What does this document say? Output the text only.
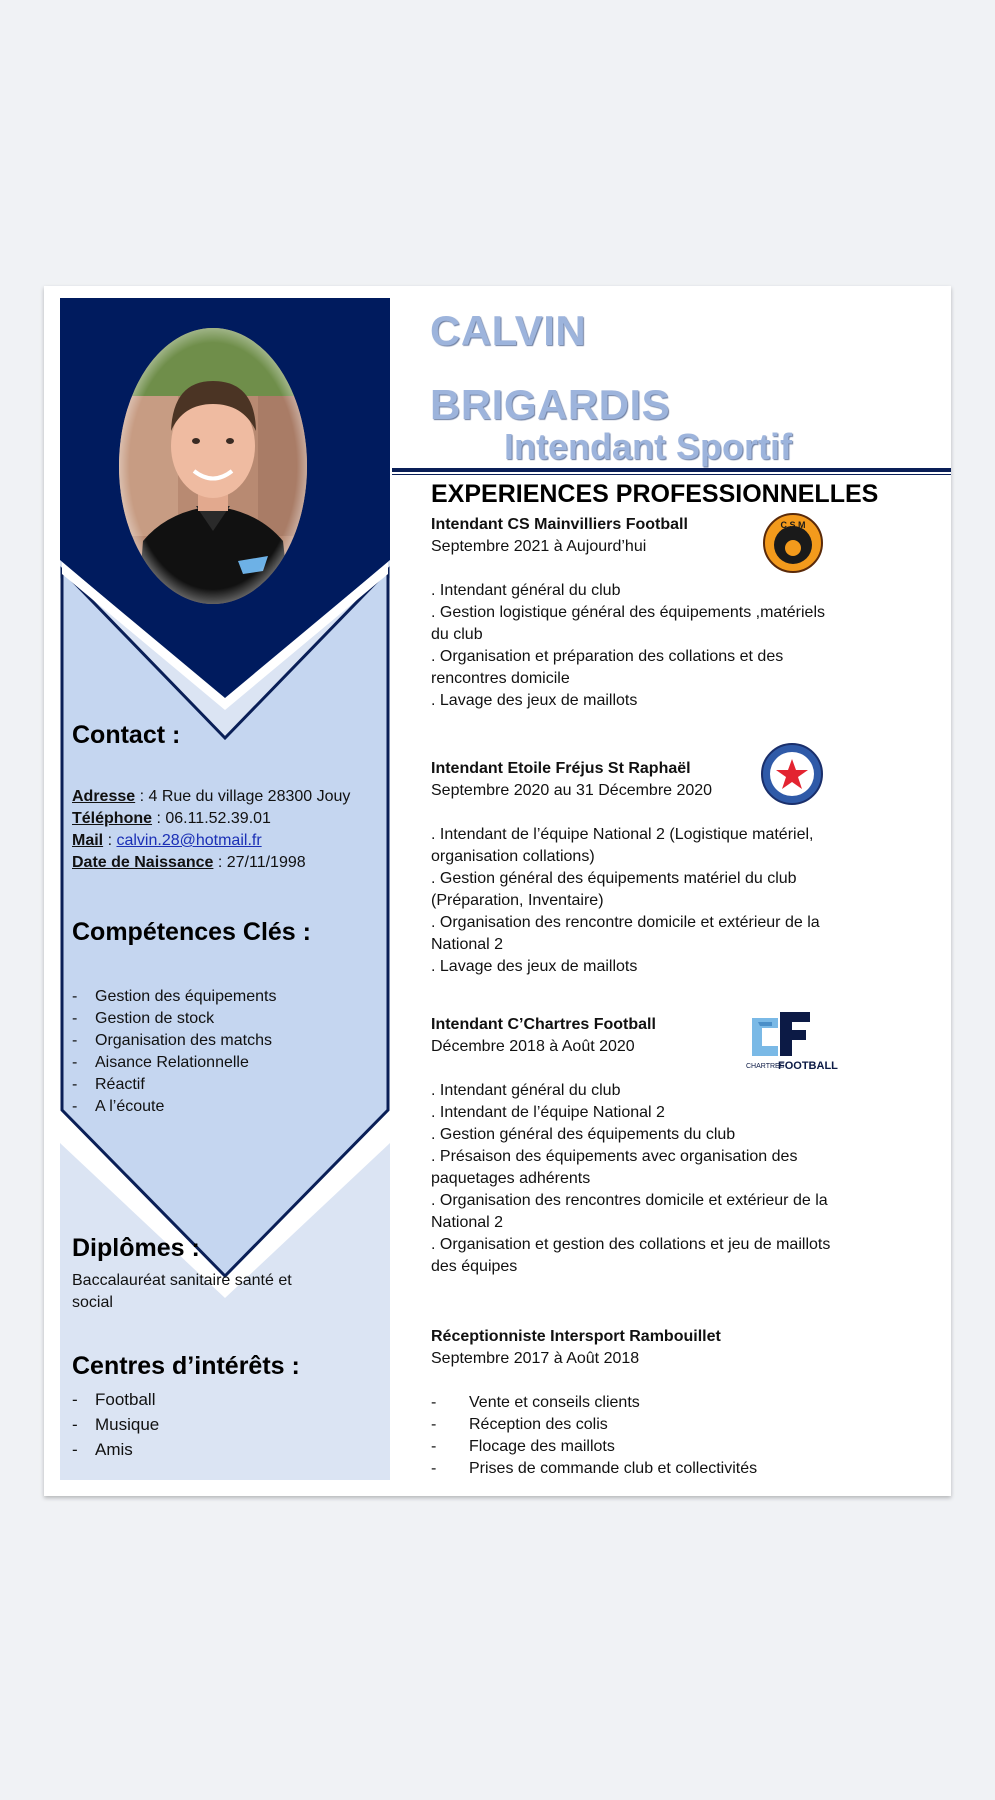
Contact :
Adresse : 4 Rue du village 28300 Jouy
Téléphone : 06.11.52.39.01
Mail : calvin.28@hotmail.fr
Date de Naissance : 27/11/1998
Compétences Clés :
- Gestion des équipements
- Gestion de stock
- Organisation des matchs
- Aisance Relationnelle
- Réactif
- A l’écoute
Diplômes :
Baccalauréat sanitaire santé et
social
Centres d’intérêts :
- Football
- Musique
- Amis
CALVIN
BRIGARDIS
Intendant Sportif
EXPERIENCES PROFESSIONNELLES
Intendant CS Mainvilliers Football
Septembre 2021 à Aujourd’hui
. Intendant général du club
. Gestion logistique général des équipements ,matériels
du club
. Organisation et préparation des collations et des
rencontres domicile
. Lavage des jeux de maillots
C.S.M
Intendant Etoile Fréjus St Raphaël
Septembre 2020 au 31 Décembre 2020
. Intendant de l’équipe National 2 (Logistique matériel,
organisation collations)
. Gestion général des équipements matériel du club
(Préparation, Inventaire)
. Organisation des rencontre domicile et extérieur de la
National 2
. Lavage des jeux de maillots
Intendant C’Chartres Football
Décembre 2018 à Août 2020
. Intendant général du club
. Intendant de l’équipe National 2
. Gestion général des équipements du club
. Présaison des équipements avec organisation des
paquetages adhérents
. Organisation des rencontres domicile et extérieur de la
National 2
. Organisation et gestion des collations et jeu de maillots
des équipes
CHARTRES
FOOTBALL
Réceptionniste Intersport Rambouillet
Septembre 2017 à Août 2018
- Vente et conseils clients
- Réception des colis
- Flocage des maillots
- Prises de commande club et collectivités
